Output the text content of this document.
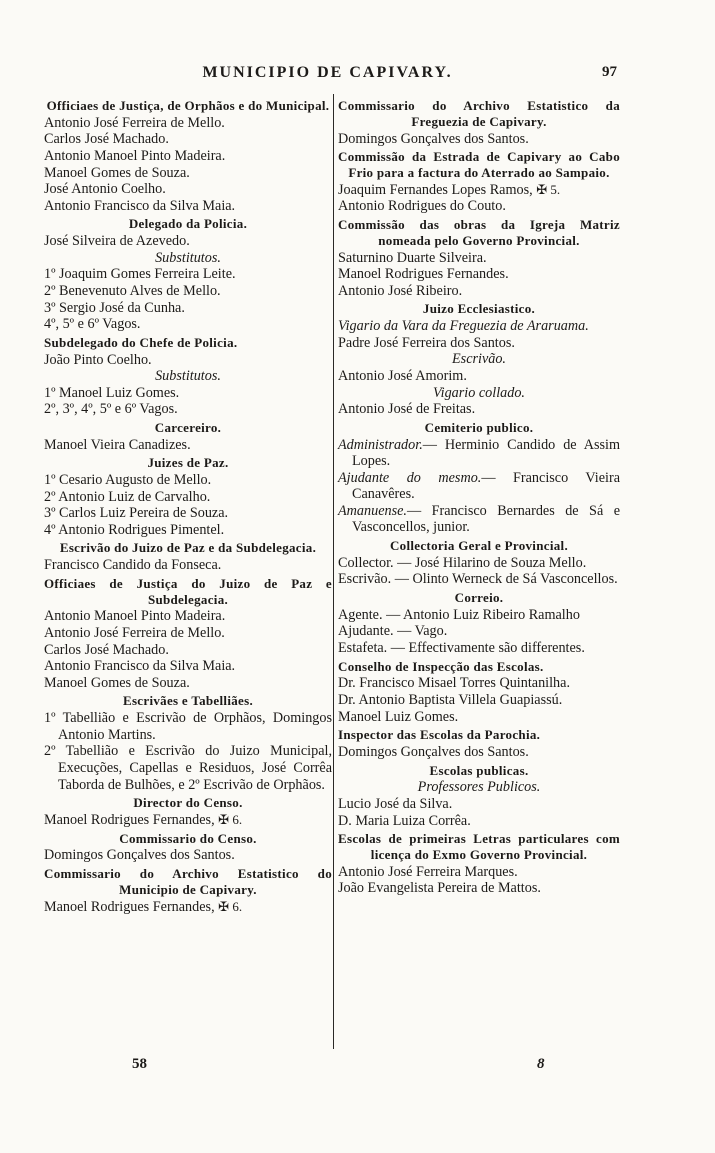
MUNICIPIO DE CAPIVARY.	97
Officiaes de Justiça, de Orphãos e do Municipal.
Antonio José Ferreira de Mello.
Carlos José Machado.
Antonio Manoel Pinto Madeira.
Manoel Gomes de Souza.
José Antonio Coelho.
Antonio Francisco da Silva Maia.
Delegado da Policia.
José Silveira de Azevedo.
Substitutos.
1º Joaquim Gomes Ferreira Leite.
2º Benevenuto Alves de Mello.
3º Sergio José da Cunha.
4º, 5º e 6º Vagos.
Subdelegado do Chefe de Policia.
João Pinto Coelho.
Substitutos.
1º Manoel Luiz Gomes.
2º, 3º, 4º, 5º e 6º Vagos.
Carcereiro.
Manoel Vieira Canadizes.
Juizes de Paz.
1º Cesario Augusto de Mello.
2º Antonio Luiz de Carvalho.
3º Carlos Luiz Pereira de Souza.
4º Antonio Rodrigues Pimentel.
Escrivão do Juizo de Paz e da Subdelegacia.
Francisco Candido da Fonseca.
Officiaes de Justiça do Juizo de Paz e Subdelegacia.
Antonio Manoel Pinto Madeira.
Antonio José Ferreira de Mello.
Carlos José Machado.
Antonio Francisco da Silva Maia.
Manoel Gomes de Souza.
Escrivães e Tabelliães.
1º Tabellião e Escrivão de Orphãos, Domingos Antonio Martins.
2º Tabellião e Escrivão do Juizo Municipal, Execuções, Capellas e Residuos, José Corrêa Taborda de Bulhões, e 2º Escrivão de Orphãos.
Director do Censo.
Manoel Rodrigues Fernandes, ✠ 6.
Commissario do Censo.
Domingos Gonçalves dos Santos.
Commissario do Archivo Estatistico do Municipio de Capivary.
Manoel Rodrigues Fernandes, ✠ 6.
Commissario do Archivo Estatistico da Freguezia de Capivary.
Domingos Gonçalves dos Santos.
Commissão da Estrada de Capivary ao Cabo Frio para a factura do Aterrado ao Sampaio.
Joaquim Fernandes Lopes Ramos, ✠ 5.
Antonio Rodrigues do Couto.
Commissão das obras da Igreja Matriz nomeada pelo Governo Provincial.
Saturnino Duarte Silveira.
Manoel Rodrigues Fernandes.
Antonio José Ribeiro.
Juizo Ecclesiastico.
Vigario da Vara da Freguezia de Araruama.
Padre José Ferreira dos Santos.
Escrivão.
Antonio José Amorim.
Vigario collado.
Antonio José de Freitas.
Cemiterio publico.
Administrador.— Herminio Candido de Assim Lopes.
Ajudante do mesmo.— Francisco Vieira Canavêres.
Amanuense.— Francisco Bernardes de Sá e Vasconcellos, junior.
Collectoria Geral e Provincial.
Collector. — José Hilarino de Souza Mello.
Escrivão. — Olinto Werneck de Sá Vasconcellos.
Correio.
Agente. — Antonio Luiz Ribeiro Ramalho
Ajudante. — Vago.
Estafeta. — Effectivamente são differentes.
Conselho de Inspecção das Escolas.
Dr. Francisco Misael Torres Quintanilha.
Dr. Antonio Baptista Villela Guapiassú.
Manoel Luiz Gomes.
Inspector das Escolas da Parochia.
Domingos Gonçalves dos Santos.
Escolas publicas.
Professores Publicos.
Lucio José da Silva.
D. Maria Luiza Corrêa.
Escolas de primeiras Letras particulares com licença do Exmo Governo Provincial.
Antonio José Ferreira Marques.
João Evangelista Pereira de Mattos.
58	8
